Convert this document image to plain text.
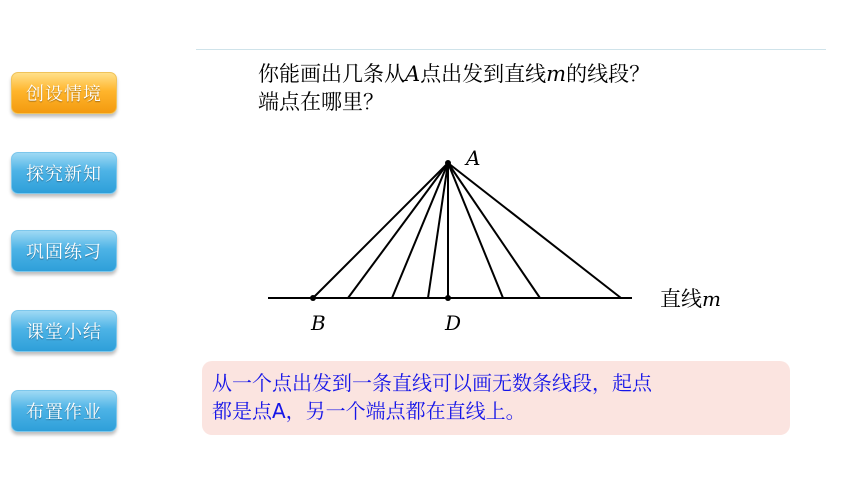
创设情境
探究新知
巩固练习
课堂小结
布置作业
你能画出几条从A点出发到直线m的线段？
端点在哪里？
A
B	D
直线m
从一个点出发到一条直线可以画无数条线段，起点
都是点A，另一个端点都在直线上。
